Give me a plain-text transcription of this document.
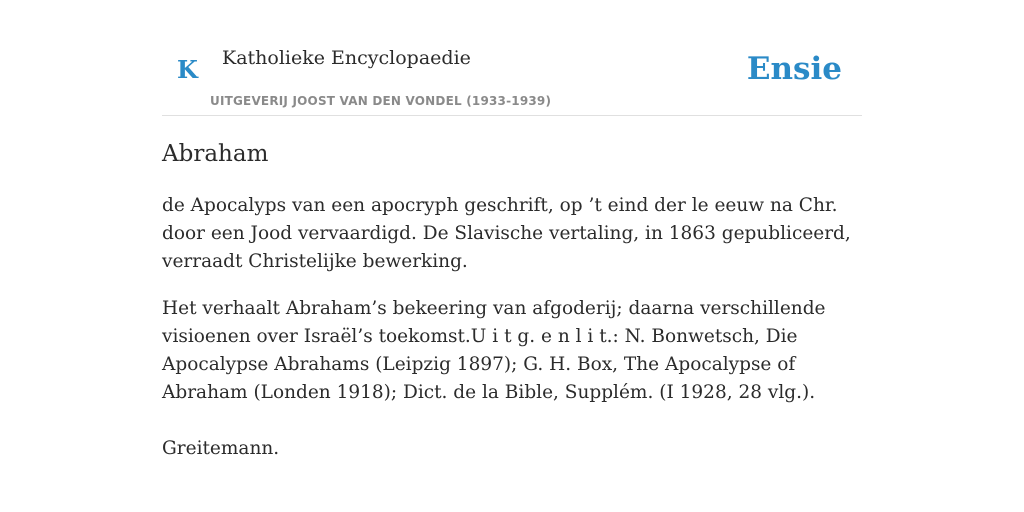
K Katholieke Encyclopaedie
UITGEVERIJ JOOST VAN DEN VONDEL (1933-1939)
Ensie
Abraham

de Apocalyps van een apocryph geschrift, op ’t eind der le eeuw na Chr. door een Jood vervaardigd. De Slavische vertaling, in 1863 gepubliceerd, verraadt Christelijke bewerking.

Het verhaalt Abraham’s bekeering van afgoderij; daarna verschillende visioenen over Israël’s toekomst.U i t g. e n l i t.: N. Bonwetsch, Die Apocalypse Abrahams (Leipzig 1897); G. H. Box, The Apocalypse of Abraham (Londen 1918); Dict. de la Bible, Supplém. (I 1928, 28 vlg.).

Greitemann.
